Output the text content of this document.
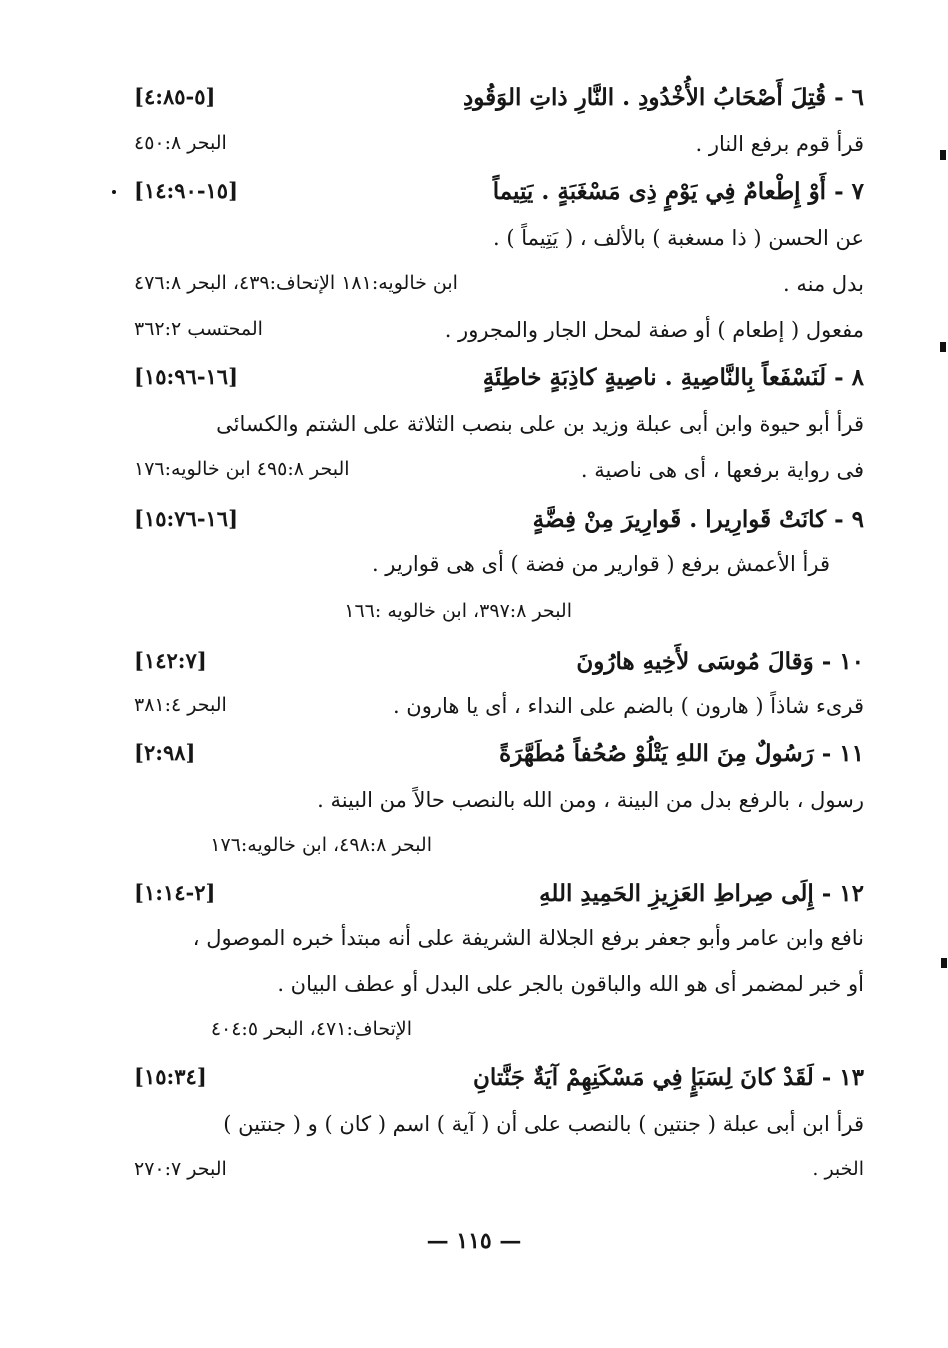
٦ - قُتِلَ أَصْحَابُ الأُخْدُودِ . النَّارِ ذاتِ الوَقُودِ
[٥-٤:٨٥]
قرأ قوم برفع النار .
البحر ٤٥٠:٨
٧ - أَوْ إِطْعامٌ فِي يَوْمٍ ذِى مَسْغَبَةٍ . يَتِيماً
[١٥-١٤:٩٠]
عن الحسن ( ذا مسغبة ) بالألف ، ( يَتِيماً ) .
بدل منه .
ابن خالويه:١٨١ الإتحاف:٤٣٩، البحر ٤٧٦:٨
مفعول ( إطعام ) أو صفة لمحل الجار والمجرور .
المحتسب ٣٦٢:٢
٨ - لَنَسْفَعاً بِالنَّاصِيةِ . ناصِيةٍ كاذِبَةٍ خاطِئَةٍ
[١٦-١٥:٩٦]
قرأ أبو حيوة وابن أبى عبلة وزيد بن على بنصب الثلاثة على الشتم والكسائى
فى رواية برفعها ، أى هى ناصية .
البحر ٤٩٥:٨ ابن خالويه:١٧٦
٩ - كانَتْ قَوارِيرا . قَوارِيرَ مِنْ فِضَّةٍ
[١٦-١٥:٧٦]
قرأ الأعمش برفع ( قوارير من فضة ) أى هى قوارير .
البحر ٣٩٧:٨، ابن خالويه :١٦٦
١٠ - وَقالَ مُوسَى لأَخِيهِ هارُونَ
[١٤٢:٧]
قرىء شاذاً ( هارون ) بالضم على النداء ، أى يا هارون .
البحر ٣٨١:٤
١١ - رَسُولٌ مِنَ اللهِ يَتْلُوْ صُحُفاً مُطَهَّرَةً
[٢:٩٨]
رسول ، بالرفع بدل من البينة ، ومن الله بالنصب حالاً من البينة .
البحر ٤٩٨:٨، ابن خالويه:١٧٦
١٢ - إِلَى صِراطِ العَزِيزِ الحَمِيدِ اللهِ
[٢-١:١٤]
نافع وابن عامر وأبو جعفر برفع الجلالة الشريفة على أنه مبتدأ خبره الموصول ،
أو خبر لمضمر أى هو الله والباقون بالجر على البدل أو عطف البيان .
الإتحاف:٤٧١، البحر ٤٠٤:٥
١٣ - لَقَدْ كانَ لِسَبَإٍ فِي مَسْكَنِهِمْ آيَةٌ جَنَّتانِ
[١٥:٣٤]
قرأ ابن أبى عبلة ( جنتين ) بالنصب على أن ( آية ) اسم ( كان ) و ( جنتين )
الخبر .
البحر ٢٧٠:٧
— ١١٥ —
